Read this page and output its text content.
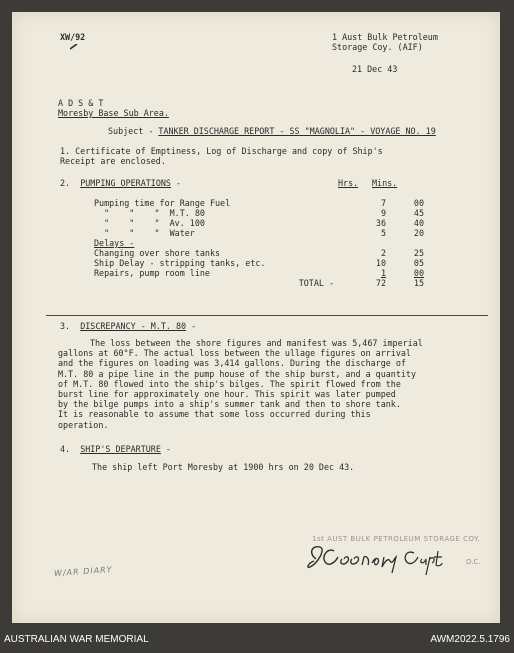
XW/92	1 Aust Bulk Petroleum
Storage Coy. (AIF)
21 Dec 43
A D S & T
Moresby Base Sub Area.
Subject - TANKER DISCHARGE REPORT - SS "MAGNOLIA" - VOYAGE NO. 19
1. Certificate of Emptiness, Log of Discharge and copy of Ship's
Receipt are enclosed.
2. PUMPING OPERATIONS -	Hrs. Mins.
Pumping time for Range Fuel	7	00
"    "    "  M.T. 80	9	45
"    "    "  Av. 100	36	40
"    "    "  Water	5	20
Delays -		
Changing over shore tanks	2	25
Ship Delay - stripping tanks, etc.	10	05
Repairs, pump room line	1	00
TOTAL -	72	15
3. DISCREPANCY - M.T. 80 -
The loss between the shore figures and manifest was 5,467 imperial
gallons at 60°F. The actual loss between the ullage figures on arrival
and the figures on loading was 3,414 gallons. During the discharge of
M.T. 80 a pipe line in the pump house of the ship burst, and a quantity
of M.T. 80 flowed into the ship's bilges. The spirit flowed from the
burst line for approximately one hour. This spirit was later pumped
by the bilge pumps into a ship's summer tank and then to shore tank.
It is reasonable to assume that some loss occurred during this
operation.
4. SHIP'S DEPARTURE -
The ship left Port Moresby at 1900 hrs on 20 Dec 43.
1st AUST BULK PETROLEUM STORAGE COY.
O.C.
W/AR DIARY
AUSTRALIAN WAR MEMORIAL	AWM2022.5.1796
